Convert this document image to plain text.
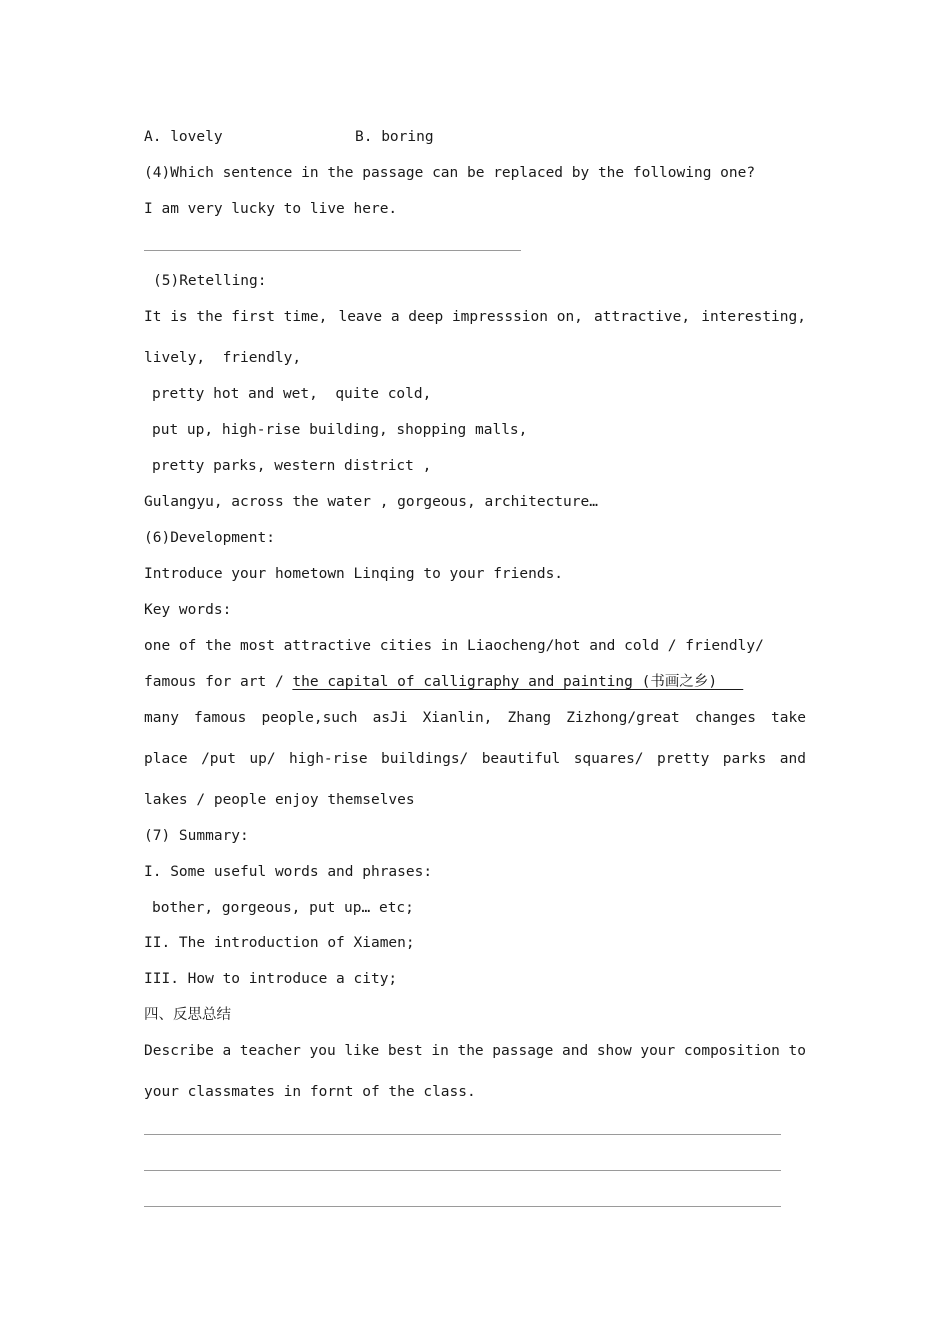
A. lovely	B. boring
(4)Which sentence in the passage can be replaced by the following one?
I am very lucky to live here.
(5)Retelling:
It is the first time, leave a deep impresssion on, attractive, interesting,
lively,  friendly,
pretty hot and wet,  quite cold,
put up, high-rise building, shopping malls,
pretty parks, western district ,
Gulangyu, across the water , gorgeous, architecture…
(6)Development:
Introduce your hometown Linqing to your friends.
Key words:
one of the most attractive cities in Liaocheng/hot and cold / friendly/
famous for art / the capital of calligraphy and painting (书画之乡)
many famous people,such asJi Xianlin, Zhang Zizhong/great changes take
place /put up/ high-rise buildings/ beautiful squares/ pretty parks and
lakes / people enjoy themselves
(7) Summary:
I. Some useful words and phrases:
bother, gorgeous, put up… etc;
II. The introduction of Xiamen;
III. How to introduce a city;
四、反思总结
Describe a teacher you like best in the passage and show your composition to
your classmates in fornt of the class.
